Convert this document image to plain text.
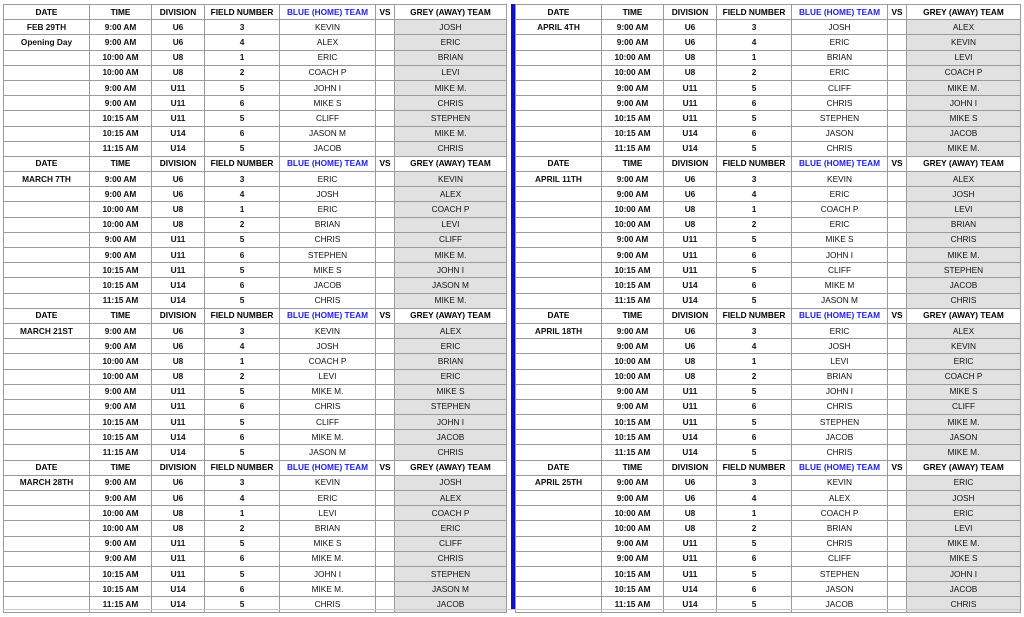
DATE	TIME	DIVISION	FIELD NUMBER	BLUE (HOME) TEAM	VS	GREY (AWAY) TEAM
FEB 29TH	9:00 AM	U6	3	KEVIN		JOSH
Opening Day	9:00 AM	U6	4	ALEX		ERIC
	10:00 AM	U8	1	ERIC		BRIAN
	10:00 AM	U8	2	COACH P		LEVI
	9:00 AM	U11	5	JOHN I		MIKE M.
	9:00 AM	U11	6	MIKE S		CHRIS
	10:15 AM	U11	5	CLIFF		STEPHEN
	10:15 AM	U14	6	JASON M		MIKE M.
	11:15 AM	U14	5	JACOB		CHRIS
DATE	TIME	DIVISION	FIELD NUMBER	BLUE (HOME) TEAM	VS	GREY (AWAY) TEAM
MARCH 7TH	9:00 AM	U6	3	ERIC		KEVIN
	9:00 AM	U6	4	JOSH		ALEX
	10:00 AM	U8	1	ERIC		COACH P
	10:00 AM	U8	2	BRIAN		LEVI
	9:00 AM	U11	5	CHRIS		CLIFF
	9:00 AM	U11	6	STEPHEN		MIKE M.
	10:15 AM	U11	5	MIKE S		JOHN I
	10:15 AM	U14	6	JACOB		JASON M
	11:15 AM	U14	5	CHRIS		MIKE M.
DATE	TIME	DIVISION	FIELD NUMBER	BLUE (HOME) TEAM	VS	GREY (AWAY) TEAM
MARCH 21ST	9:00 AM	U6	3	KEVIN		ALEX
	9:00 AM	U6	4	JOSH		ERIC
	10:00 AM	U8	1	COACH P		BRIAN
	10:00 AM	U8	2	LEVI		ERIC
	9:00 AM	U11	5	MIKE M.		MIKE S
	9:00 AM	U11	6	CHRIS		STEPHEN
	10:15 AM	U11	5	CLIFF		JOHN I
	10:15 AM	U14	6	MIKE M.		JACOB
	11:15 AM	U14	5	JASON M		CHRIS
DATE	TIME	DIVISION	FIELD NUMBER	BLUE (HOME) TEAM	VS	GREY (AWAY) TEAM
MARCH 28TH	9:00 AM	U6	3	KEVIN		JOSH
	9:00 AM	U6	4	ERIC		ALEX
	10:00 AM	U8	1	LEVI		COACH P
	10:00 AM	U8	2	BRIAN		ERIC
	9:00 AM	U11	5	MIKE S		CLIFF
	9:00 AM	U11	6	MIKE M.		CHRIS
	10:15 AM	U11	5	JOHN I		STEPHEN
	10:15 AM	U14	6	MIKE M.		JASON M
	11:15 AM	U14	5	CHRIS		JACOB
DATE	TIME	DIVISION	FIELD NUMBER	BLUE (HOME) TEAM	VS	GREY (AWAY) TEAM
APRIL 4TH	9:00 AM	U6	3	JOSH		ALEX
	9:00 AM	U6	4	ERIC		KEVIN
	10:00 AM	U8	1	BRIAN		LEVI
	10:00 AM	U8	2	ERIC		COACH P
	9:00 AM	U11	5	CLIFF		MIKE M.
	9:00 AM	U11	6	CHRIS		JOHN I
	10:15 AM	U11	5	STEPHEN		MIKE S
	10:15 AM	U14	6	JASON		JACOB
	11:15 AM	U14	5	CHRIS		MIKE M.
DATE	TIME	DIVISION	FIELD NUMBER	BLUE (HOME) TEAM	VS	GREY (AWAY) TEAM
APRIL 11TH	9:00 AM	U6	3	KEVIN		ALEX
	9:00 AM	U6	4	ERIC		JOSH
	10:00 AM	U8	1	COACH P		LEVI
	10:00 AM	U8	2	ERIC		BRIAN
	9:00 AM	U11	5	MIKE S		CHRIS
	9:00 AM	U11	6	JOHN I		MIKE M.
	10:15 AM	U11	5	CLIFF		STEPHEN
	10:15 AM	U14	6	MIKE M		JACOB
	11:15 AM	U14	5	JASON M		CHRIS
DATE	TIME	DIVISION	FIELD NUMBER	BLUE (HOME) TEAM	VS	GREY (AWAY) TEAM
APRIL 18TH	9:00 AM	U6	3	ERIC		ALEX
	9:00 AM	U6	4	JOSH		KEVIN
	10:00 AM	U8	1	LEVI		ERIC
	10:00 AM	U8	2	BRIAN		COACH P
	9:00 AM	U11	5	JOHN I		MIKE S
	9:00 AM	U11	6	CHRIS		CLIFF
	10:15 AM	U11	5	STEPHEN		MIKE M.
	10:15 AM	U14	6	JACOB		JASON
	11:15 AM	U14	5	CHRIS		MIKE M.
DATE	TIME	DIVISION	FIELD NUMBER	BLUE (HOME) TEAM	VS	GREY (AWAY) TEAM
APRIL 25TH	9:00 AM	U6	3	KEVIN		ERIC
	9:00 AM	U6	4	ALEX		JOSH
	10:00 AM	U8	1	COACH P		ERIC
	10:00 AM	U8	2	BRIAN		LEVI
	9:00 AM	U11	5	CHRIS		MIKE M.
	9:00 AM	U11	6	CLIFF		MIKE S
	10:15 AM	U11	5	STEPHEN		JOHN I
	10:15 AM	U14	6	JASON		JACOB
	11:15 AM	U14	5	JACOB		CHRIS
